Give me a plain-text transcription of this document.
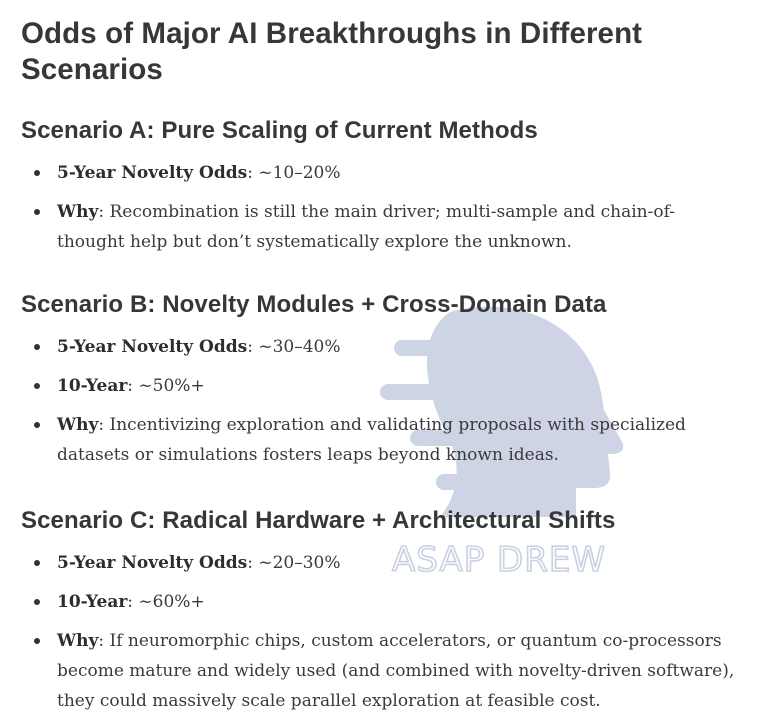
ASAP DREW
Odds of Major AI Breakthroughs in Different Scenarios
Scenario A: Pure Scaling of Current Methods
5-Year Novelty Odds: ~10–20%
Why: Recombination is still the main driver; multi-sample and chain-of-thought help but don’t systematically explore the unknown.
Scenario B: Novelty Modules + Cross-Domain Data
5-Year Novelty Odds: ~30–40%
10-Year: ~50%+
Why: Incentivizing exploration and validating proposals with specialized datasets or simulations fosters leaps beyond known ideas.
Scenario C: Radical Hardware + Architectural Shifts
5-Year Novelty Odds: ~20–30%
10-Year: ~60%+
Why: If neuromorphic chips, custom accelerators, or quantum co-processors become mature and widely used (and combined with novelty-driven software), they could massively scale parallel exploration at feasible cost.
